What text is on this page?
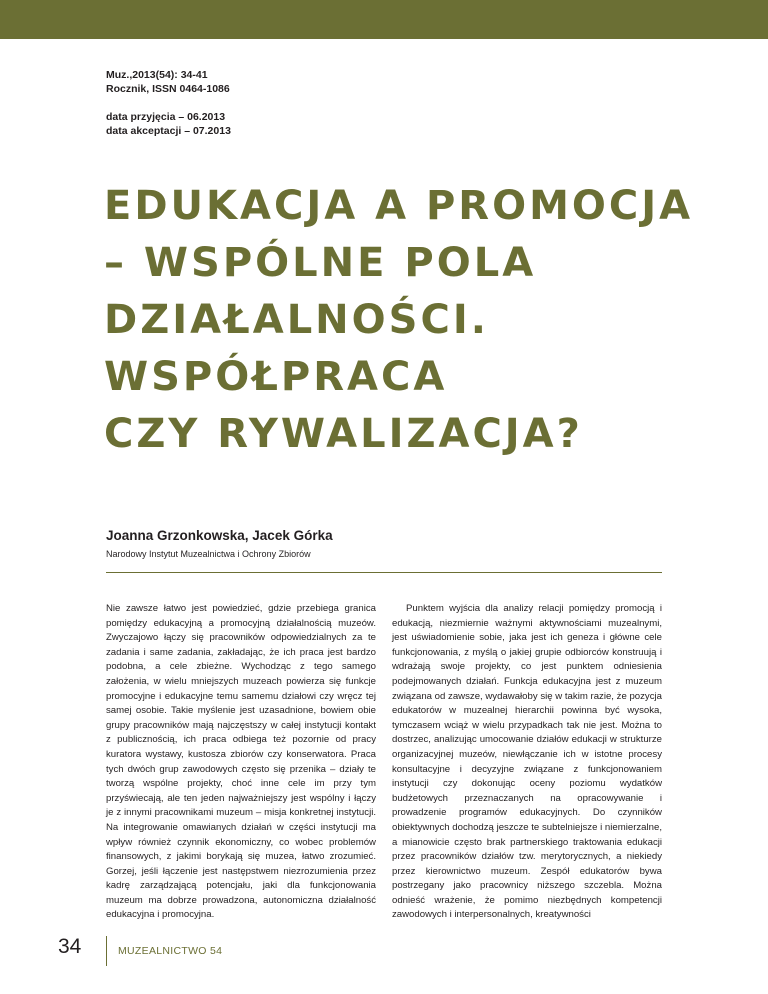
Muz.,2013(54): 34-41
Rocznik, ISSN 0464-1086
data przyjęcia – 06.2013
data akceptacji – 07.2013
EDUKACJA A PROMOCJA
– WSPÓLNE POLA
DZIAŁALNOŚCI.
WSPÓŁPRACA
CZY RYWALIZACJA?
Joanna Grzonkowska, Jacek Górka
Narodowy Instytut Muzealnictwa i Ochrony Zbiorów

Nie zawsze łatwo jest powiedzieć, gdzie przebiega granica pomiędzy edukacyjną a promocyjną działalnością muzeów. Zwyczajowo łączy się pracowników odpowiedzialnych za te zadania i same zadania, zakładając, że ich praca jest bardzo podobna, a cele zbieżne. Wychodząc z tego samego założenia, w wielu mniejszych muzeach powierza się funkcje promocyjne i edukacyjne temu samemu działowi czy wręcz tej samej osobie. Takie myślenie jest uzasadnione, bowiem obie grupy pracowników mają najczęstszy w całej instytucji kontakt z publicznością, ich praca odbiega też pozornie od pracy kuratora wystawy, kustosza zbiorów czy konserwatora. Praca tych dwóch grup zawodowych często się przenika – działy te tworzą wspólne projekty, choć inne cele im przy tym przyświecają, ale ten jeden najważniejszy jest wspólny i łączy je z innymi pracownikami muzeum – misja konkretnej instytucji. Na integrowanie omawianych działań w części instytucji ma wpływ również czynnik ekonomiczny, co wobec problemów finansowych, z jakimi borykają się muzea, łatwo zrozumieć. Gorzej, jeśli łączenie jest następstwem niezrozumienia przez kadrę zarządzającą potencjału, jaki dla funkcjonowania muzeum ma dobrze prowadzona, autonomiczna działalność edukacyjna i promocyjna.

Punktem wyjścia dla analizy relacji pomiędzy promocją i edukacją, niezmiernie ważnymi aktywnościami muzealnymi, jest uświadomienie sobie, jaka jest ich geneza i główne cele funkcjonowania, z myślą o jakiej grupie odbiorców konstruują i wdrażają swoje projekty, co jest punktem odniesienia podejmowanych działań. Funkcja edukacyjna jest z muzeum związana od zawsze, wydawałoby się w takim razie, że pozycja edukatorów w muzealnej hierarchii powinna być wysoka, tymczasem wciąż w wielu przypadkach tak nie jest. Można to dostrzec, analizując umocowanie działów edukacji w strukturze organizacyjnej muzeów, niewłączanie ich w istotne procesy konsultacyjne i decyzyjne związane z funkcjonowaniem instytucji czy dokonując oceny poziomu wydatków budżetowych przeznaczanych na opracowywanie i prowadzenie programów edukacyjnych. Do czynników obiektywnych dochodzą jeszcze te subtelniejsze i niemierzalne, a mianowicie często brak partnerskiego traktowania edukacji przez pracowników działów tzw. merytorycznych, a niekiedy przez kierownictwo muzeum. Zespół edukatorów bywa postrzegany jako pracownicy niższego szczebla. Można odnieść wrażenie, że pomimo niezbędnych kompetencji zawodowych i interpersonalnych, kreatywności

34	MUZEALNICTWO 54
